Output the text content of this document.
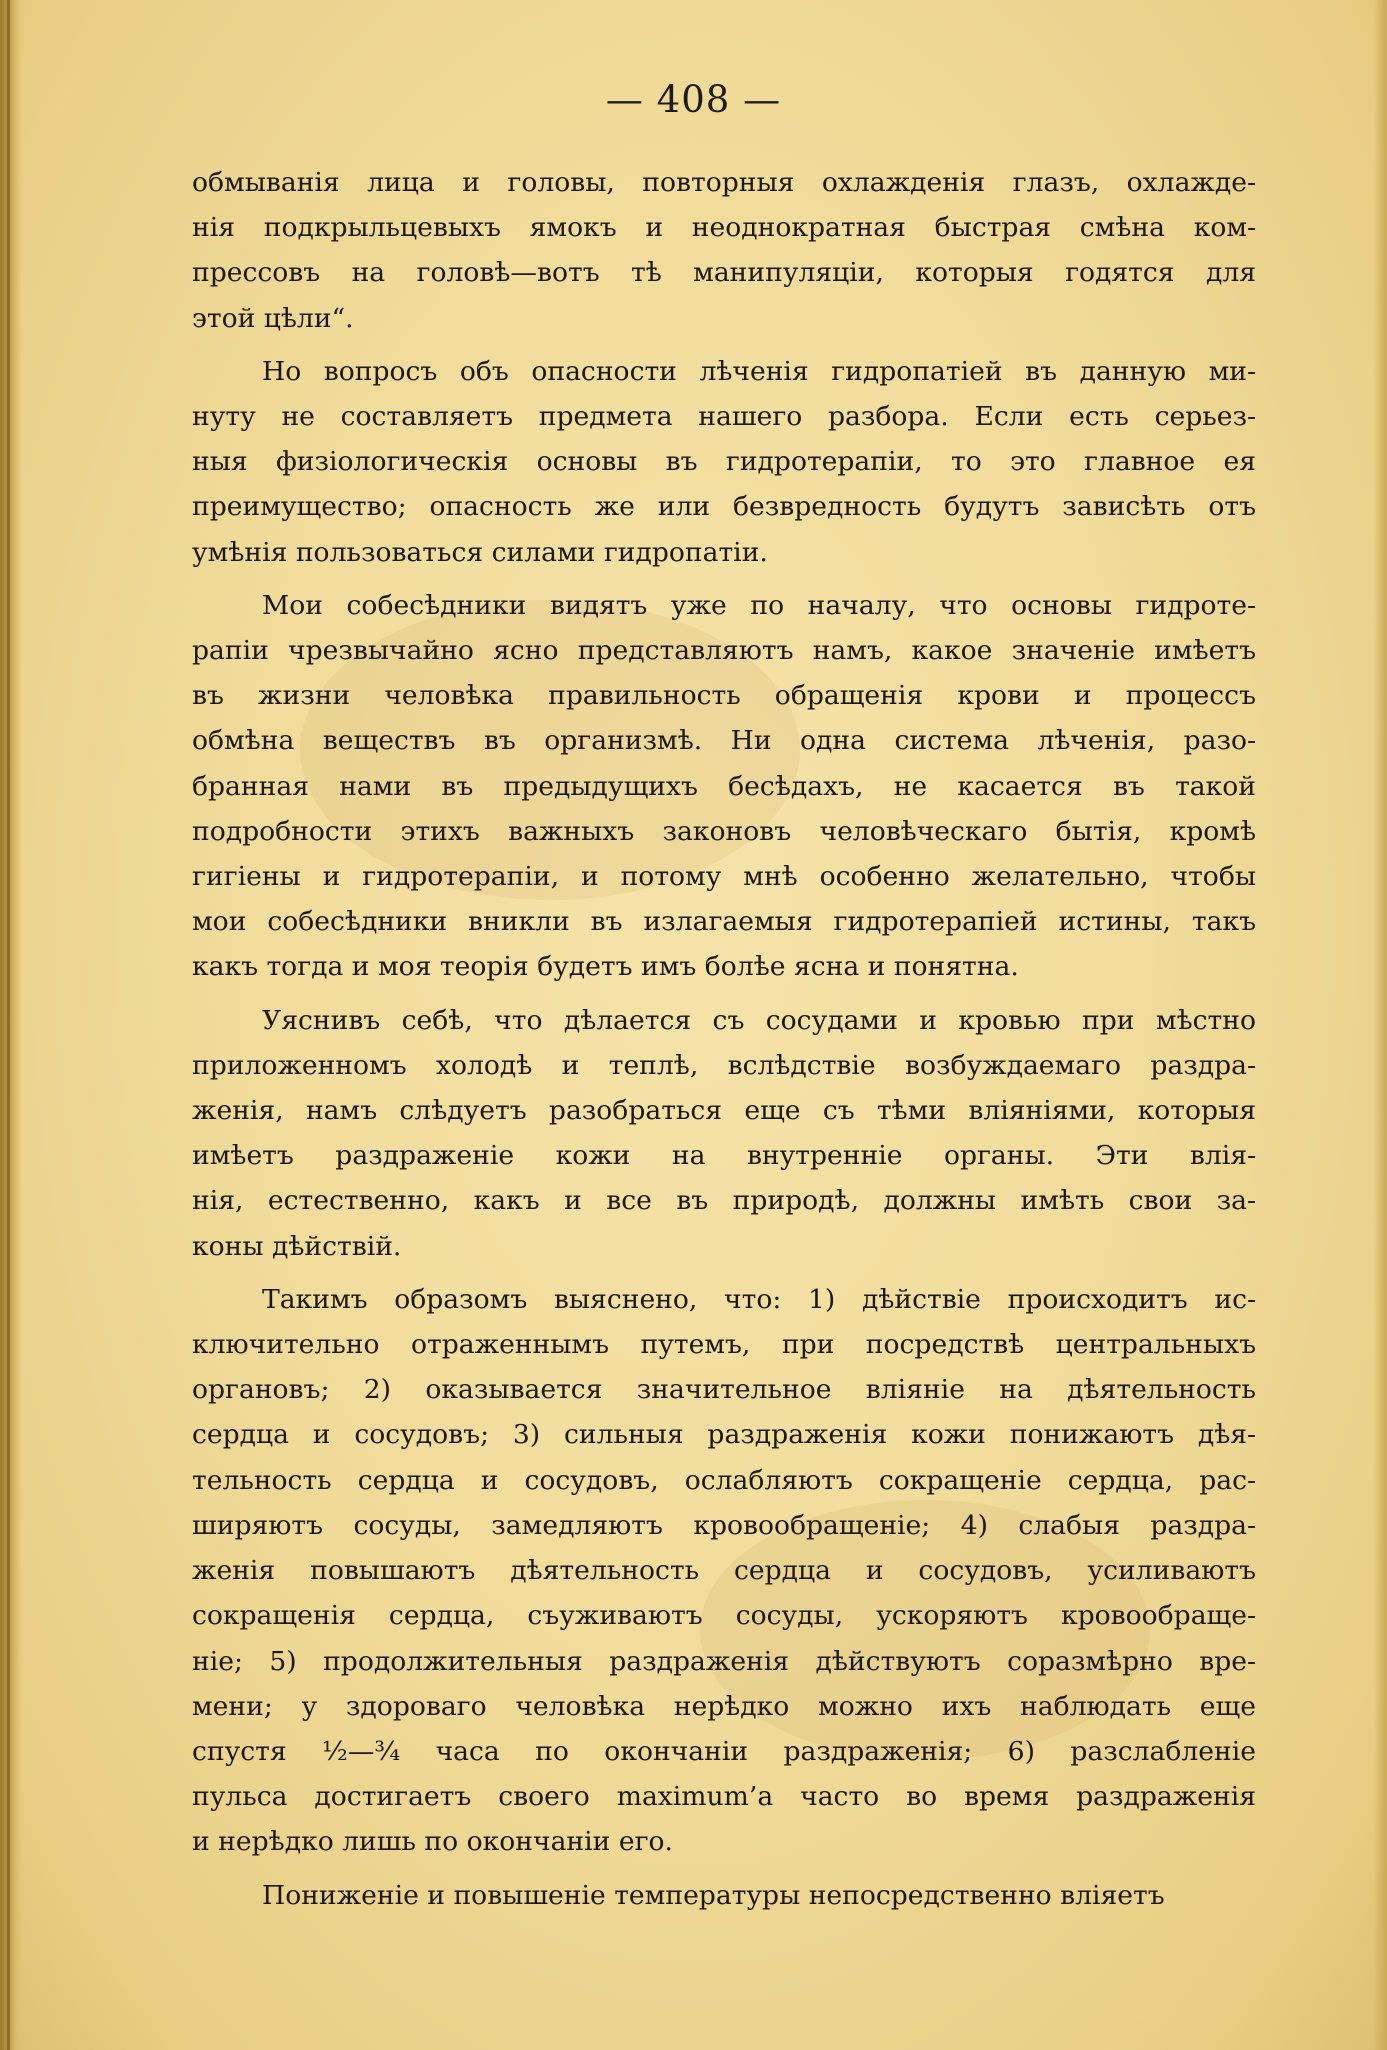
— 408 —
обмыванія лица и головы, повторныя охлажденія глазъ, охлажде-
нія подкрыльцевыхъ ямокъ и неоднократная быстрая смѣна ком-
прессовъ на головѣ—вотъ тѣ манипуляціи, которыя годятся для
этой цѣли“.
Но вопросъ объ опасности лѣченія гидропатіей въ данную ми-
нуту не составляетъ предмета нашего разбора. Если есть серьез-
ныя физіологическія основы въ гидротерапіи, то это главное ея
преимущество; опасность же или безвредность будутъ зависѣть отъ
умѣнія пользоваться силами гидропатіи.
Мои собесѣдники видятъ уже по началу, что основы гидроте-
рапіи чрезвычайно ясно представляютъ намъ, какое значеніе имѣетъ
въ жизни человѣка правильность обращенія крови и процессъ
обмѣна веществъ въ организмѣ. Ни одна система лѣченія, разо-
бранная нами въ предыдущихъ бесѣдахъ, не касается въ такой
подробности этихъ важныхъ законовъ человѣческаго бытія, кромѣ
гигіены и гидротерапіи, и потому мнѣ особенно желательно, чтобы
мои собесѣдники вникли въ излагаемыя гидротерапіей истины, такъ
какъ тогда и моя теорія будетъ имъ болѣе ясна и понятна.
Уяснивъ себѣ, что дѣлается съ сосудами и кровью при мѣстно
приложенномъ холодѣ и теплѣ, вслѣдствіе возбуждаемаго раздра-
женія, намъ слѣдуетъ разобраться еще съ тѣми вліяніями, которыя
имѣетъ раздраженіе кожи на внутренніе органы. Эти влія-
нія, естественно, какъ и все въ природѣ, должны имѣть свои за-
коны дѣйствій.
Такимъ образомъ выяснено, что: 1) дѣйствіе происходитъ ис-
ключительно отраженнымъ путемъ, при посредствѣ центральныхъ
органовъ; 2) оказывается значительное вліяніе на дѣятельность
сердца и сосудовъ; 3) сильныя раздраженія кожи понижаютъ дѣя-
тельность сердца и сосудовъ, ослабляютъ сокращеніе сердца, рас-
ширяютъ сосуды, замедляютъ кровообращеніе; 4) слабыя раздра-
женія повышаютъ дѣятельность сердца и сосудовъ, усиливаютъ
сокращенія сердца, съуживаютъ сосуды, ускоряютъ кровообраще-
ніе; 5) продолжительныя раздраженія дѣйствуютъ соразмѣрно вре-
мени; у здороваго человѣка нерѣдко можно ихъ наблюдать еще
спустя ½—¾ часа по окончаніи раздраженія; 6) разслабленіе
пульса достигаетъ своего maximum’а часто во время раздраженія
и нерѣдко лишь по окончаніи его.
Пониженіе и повышеніе температуры непосредственно вліяетъ
